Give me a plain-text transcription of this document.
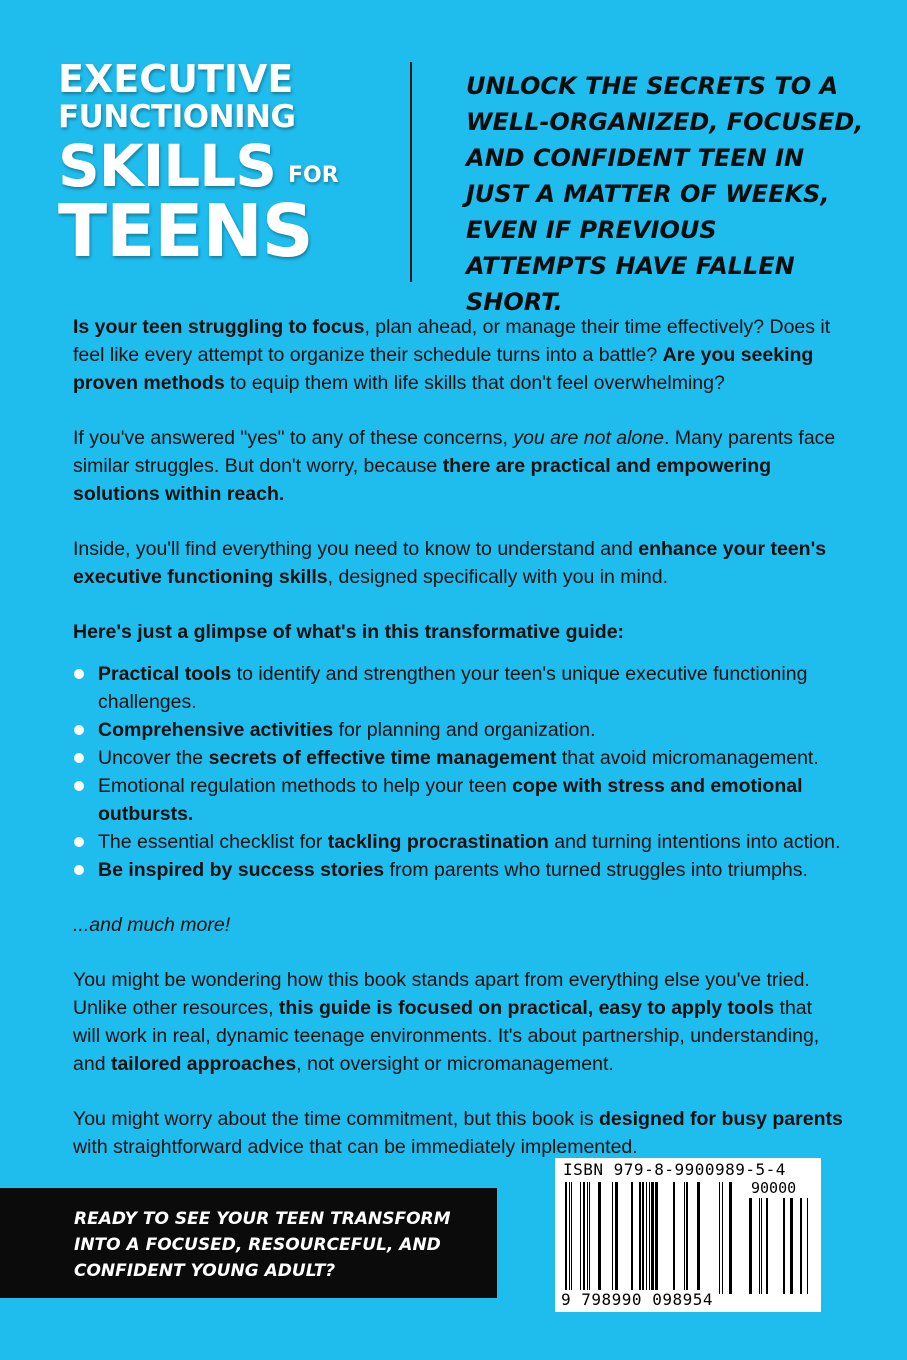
EXECUTIVE
FUNCTIONING
SKILLS FOR
TEENS

UNLOCK THE SECRETS TO A WELL-ORGANIZED, FOCUSED, AND CONFIDENT TEEN IN JUST A MATTER OF WEEKS, EVEN IF PREVIOUS ATTEMPTS HAVE FALLEN SHORT.

Is your teen struggling to focus, plan ahead, or manage their time effectively? Does it feel like every attempt to organize their schedule turns into a battle? Are you seeking proven methods to equip them with life skills that don't feel overwhelming?

If you've answered "yes" to any of these concerns, you are not alone. Many parents face similar struggles. But don't worry, because there are practical and empowering solutions within reach.

Inside, you'll find everything you need to know to understand and enhance your teen's executive functioning skills, designed specifically with you in mind.

Here's just a glimpse of what's in this transformative guide:

Practical tools to identify and strengthen your teen's unique executive functioning challenges.
Comprehensive activities for planning and organization.
Uncover the secrets of effective time management that avoid micromanagement.
Emotional regulation methods to help your teen cope with stress and emotional outbursts.
The essential checklist for tackling procrastination and turning intentions into action.
Be inspired by success stories from parents who turned struggles into triumphs.

...and much more!

You might be wondering how this book stands apart from everything else you've tried. Unlike other resources, this guide is focused on practical, easy to apply tools that will work in real, dynamic teenage environments. It's about partnership, understanding, and tailored approaches, not oversight or micromanagement.

You might worry about the time commitment, but this book is designed for busy parents with straightforward advice that can be immediately implemented.

READY TO SEE YOUR TEEN TRANSFORM INTO A FOCUSED, RESOURCEFUL, AND CONFIDENT YOUNG ADULT?

ISBN 979-8-9900989-5-4
90000
9 798990 098954
